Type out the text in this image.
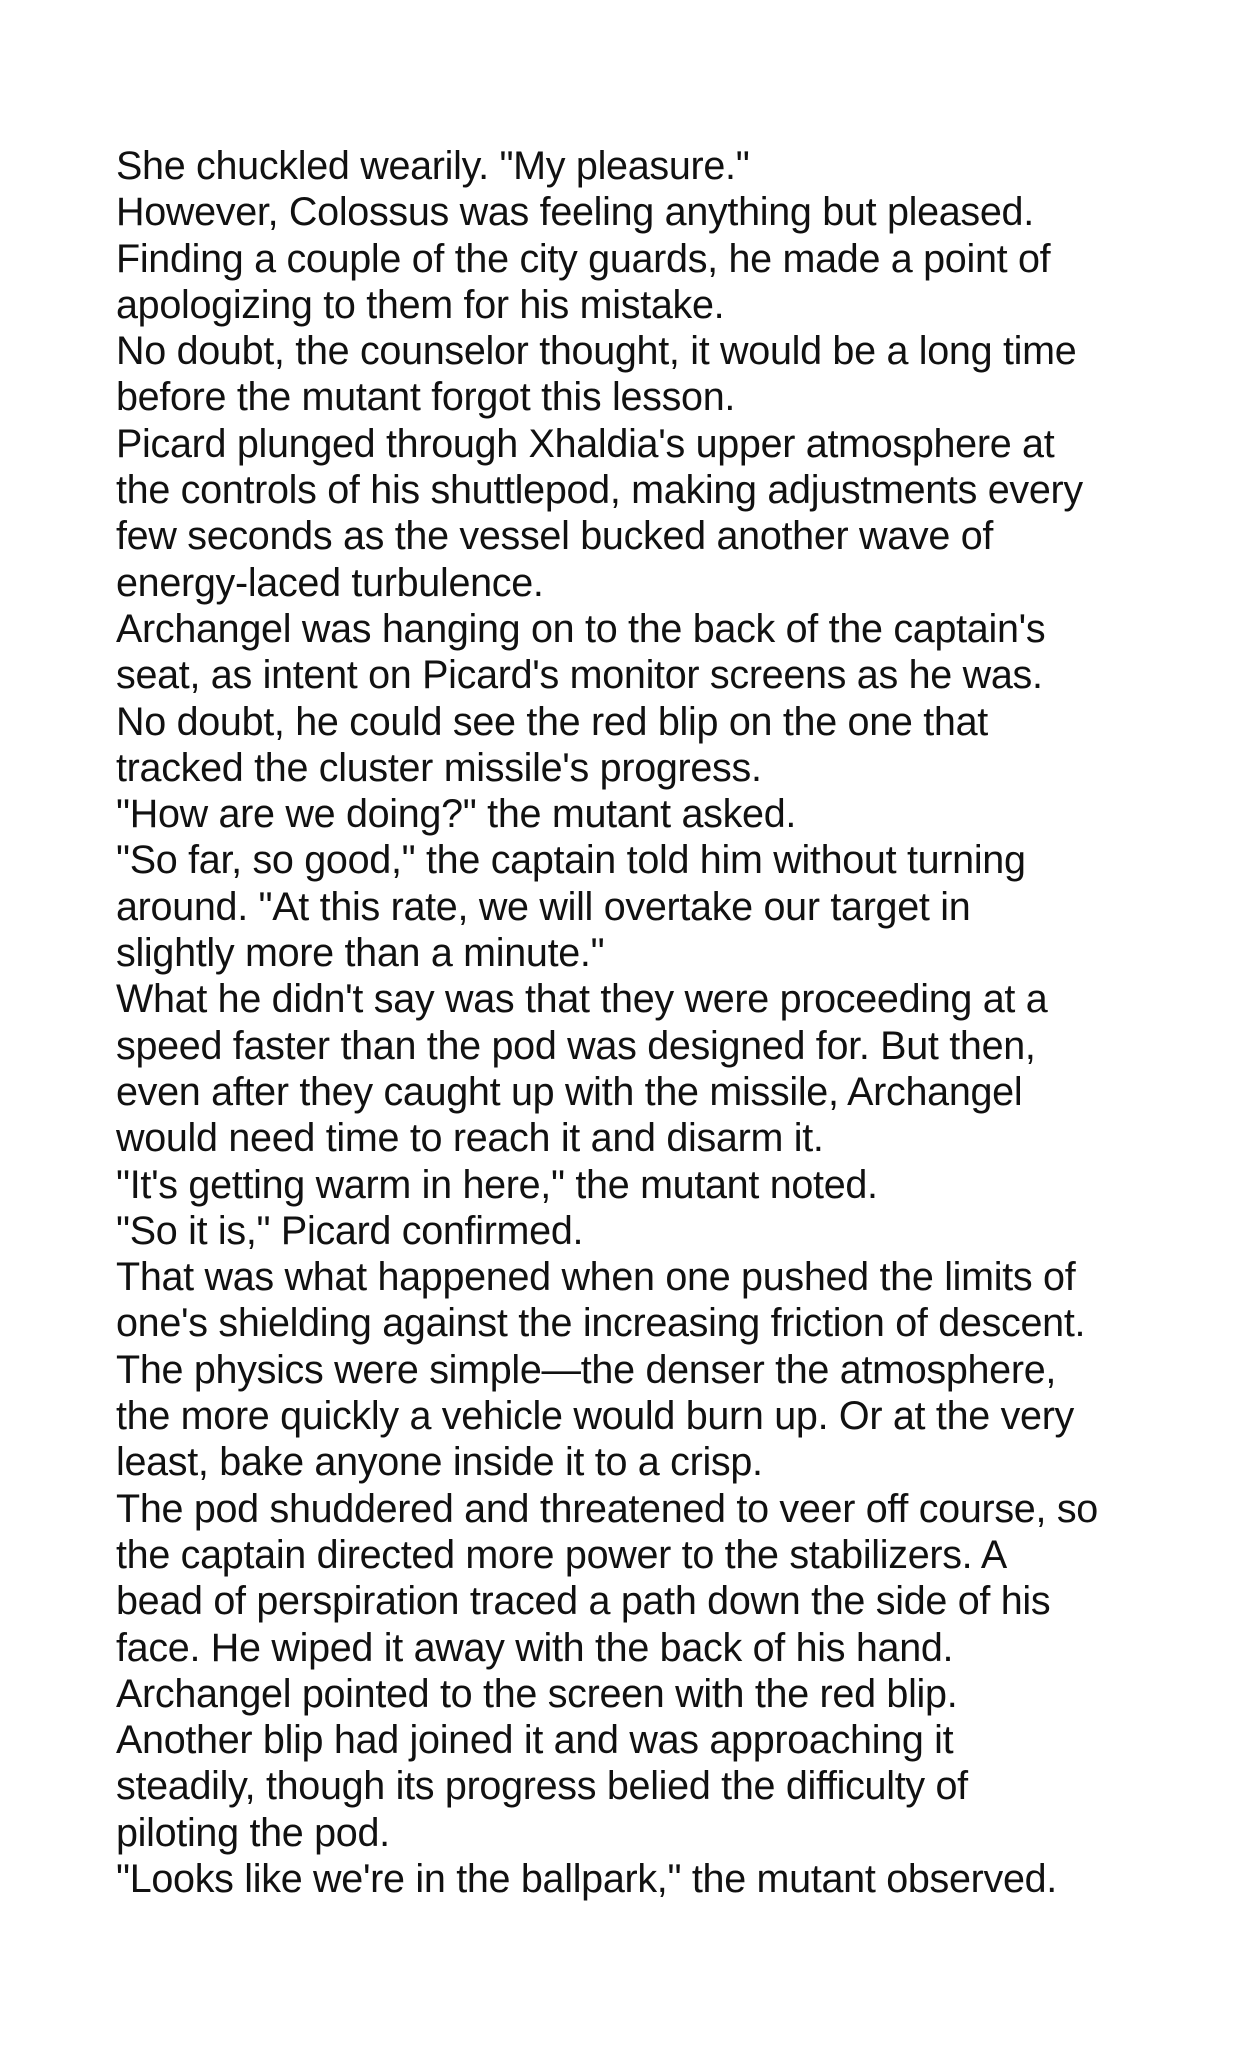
She chuckled wearily. "My pleasure."
However, Colossus was feeling anything but pleased.
Finding a couple of the city guards, he made a point of
apologizing to them for his mistake.
No doubt, the counselor thought, it would be a long time
before the mutant forgot this lesson.
Picard plunged through Xhaldia's upper atmosphere at
the controls of his shuttlepod, making adjustments every
few seconds as the vessel bucked another wave of
energy-laced turbulence.
Archangel was hanging on to the back of the captain's
seat, as intent on Picard's monitor screens as he was.
No doubt, he could see the red blip on the one that
tracked the cluster missile's progress.
"How are we doing?" the mutant asked.
"So far, so good," the captain told him without turning
around. "At this rate, we will overtake our target in
slightly more than a minute."
What he didn't say was that they were proceeding at a
speed faster than the pod was designed for. But then,
even after they caught up with the missile, Archangel
would need time to reach it and disarm it.
"It's getting warm in here," the mutant noted.
"So it is," Picard confirmed.
That was what happened when one pushed the limits of
one's shielding against the increasing friction of descent.
The physics were simple—the denser the atmosphere,
the more quickly a vehicle would burn up. Or at the very
least, bake anyone inside it to a crisp.
The pod shuddered and threatened to veer off course, so
the captain directed more power to the stabilizers. A
bead of perspiration traced a path down the side of his
face. He wiped it away with the back of his hand.
Archangel pointed to the screen with the red blip.
Another blip had joined it and was approaching it
steadily, though its progress belied the difficulty of
piloting the pod.
"Looks like we're in the ballpark," the mutant observed.
